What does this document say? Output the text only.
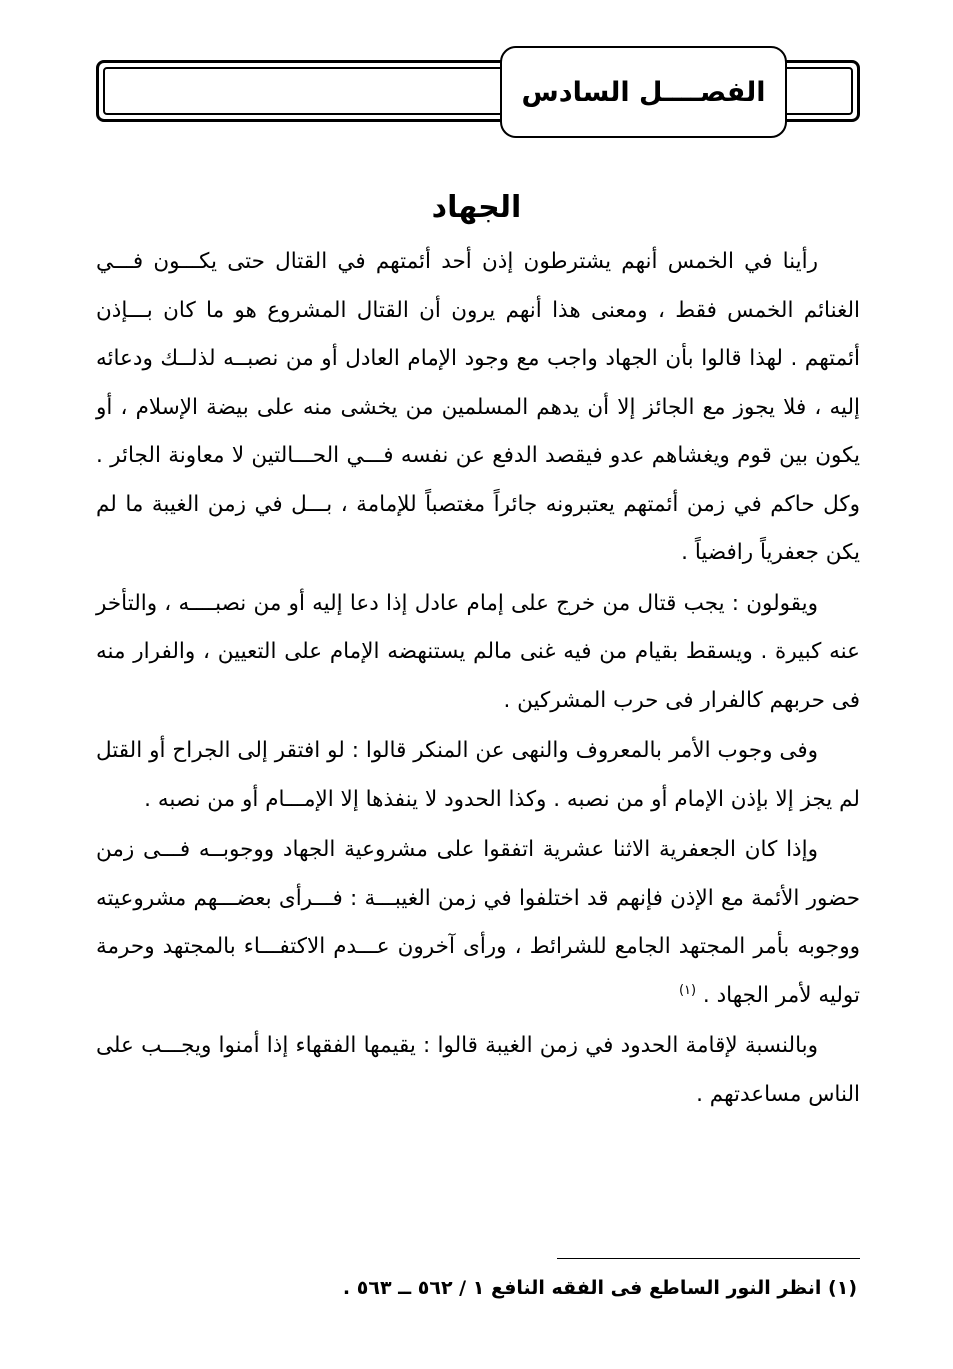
الفصــــل السادس
الجهاد

رأينا في الخمس أنهم يشترطون إذن أحد أئمتهم في القتال حتى يكـــون فـــي الغنائم الخمس فقط ، ومعنى هذا أنهم يرون أن القتال المشروع هو ما كان بـــإذن أئمتهم . لهذا قالوا بأن الجهاد واجب مع وجود الإمام العادل أو من نصبــه لذلــك ودعائه إليه ، فلا يجوز مع الجائز إلا أن يدهم المسلمين من يخشى منه على بيضة الإسلام ، أو يكون بين قوم ويغشاهم عدو فيقصد الدفع عن نفسه فـــي الحـــالتين لا معاونة الجائر . وكل حاكم في زمن أئمتهم يعتبرونه جائراً مغتصباً للإمامة ، بـــل في زمن الغيبة ما لم يكن جعفرياً رافضياً .

ويقولون : يجب قتال من خرج على إمام عادل إذا دعا إليه أو من نصبــــه ، والتأخر عنه كبيرة . ويسقط بقيام من فيه غنى مالم يستنهضه الإمام على التعيين ، والفرار منه فى حربهم كالفرار فى حرب المشركين .

وفى وجوب الأمر بالمعروف والنهى عن المنكر قالوا : لو افتقر إلى الجراح أو القتل لم يجز إلا بإذن الإمام أو من نصبه . وكذا الحدود لا ينفذها إلا الإمـــام أو من نصبه .

وإذا كان الجعفرية الاثنا عشرية اتفقوا على مشروعية الجهاد ووجوبــه فـــى زمن حضور الأئمة مع الإذن فإنهم قد اختلفوا في زمن الغيبـــة : فـــرأى بعضـــهم مشروعيته ووجوبه بأمر المجتهد الجامع للشرائط ، ورأى آخرون عـــدم الاكتفـــاء بالمجتهد وحرمة توليه لأمر الجهاد . $^{(١)}$

وبالنسبة لإقامة الحدود في زمن الغيبة قالوا : يقيمها الفقهاء إذا أمنوا ويجـــب على الناس مساعدتهم .

(١) انظر النور الساطع فى الفقه النافع ١ / ٥٦٢ ــ ٥٦٣ .
